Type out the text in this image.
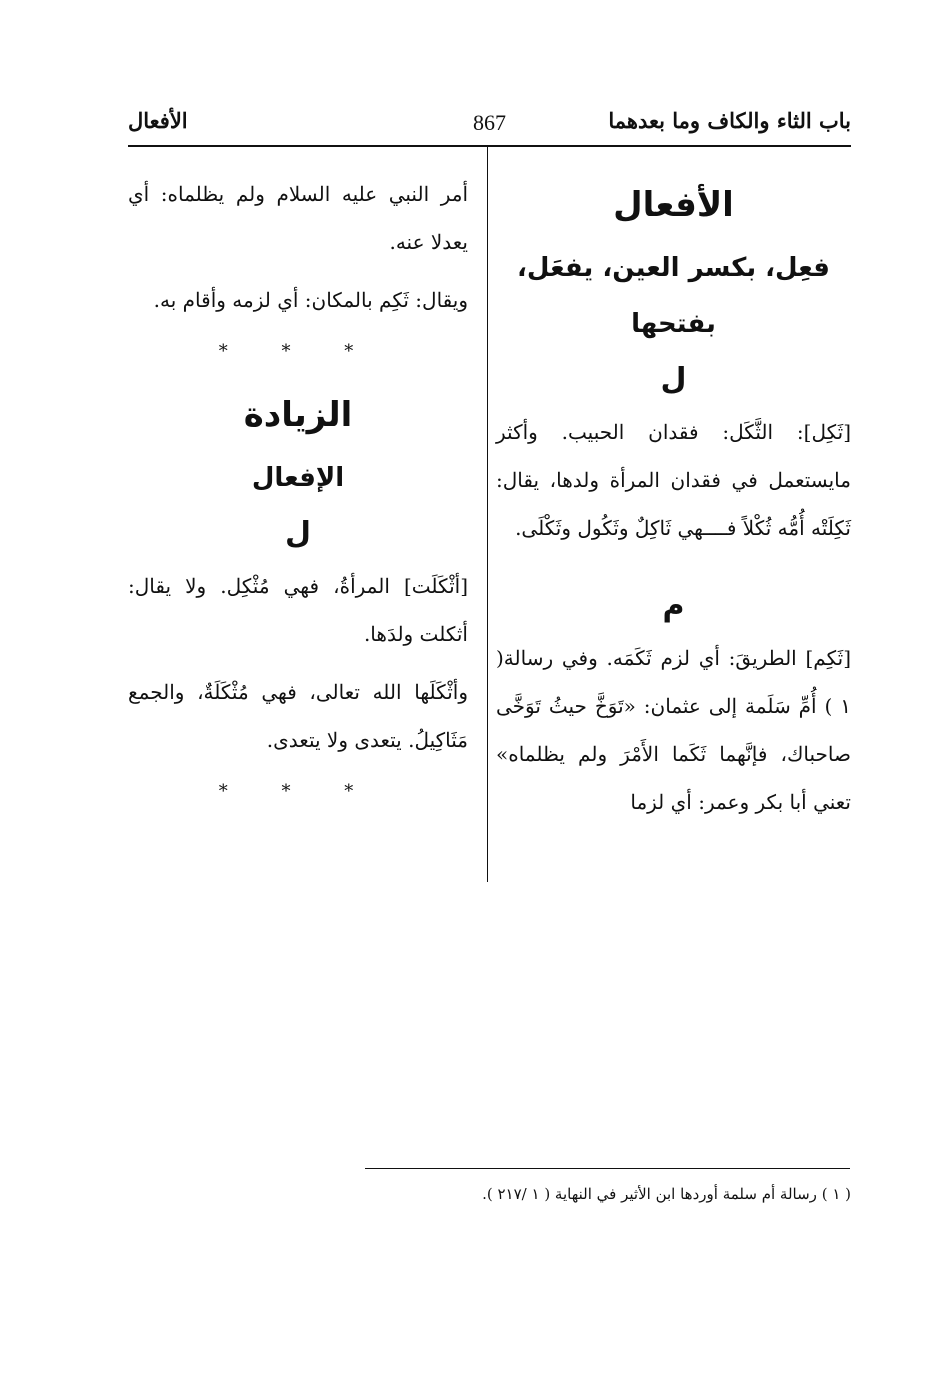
باب الثاء والكاف وما بعدهما
867
الأفعال
الأفعال
فعِل، بكسر العين، يفعَل، بفتحها
ل

[ثَكِل]: الثَّكَل: فقدان الحبيب. وأكثر مايستعمل في فقدان المرأة ولدها، يقال: ثَكِلَتْه أُمُّه ثُكْلاً فــــهي ثَاكِلٌ وثَكُول وثَكْلَى.

م

[ثَكِم] الطريقَ: أي لزم ثَكَمَه. وفي رسالة( ١ ) أُمِّ سَلَمة إلى عثمان: «تَوَخَّ حيثُ تَوَخَّى صاحباك، فإنَّهما ثَكَما الأَمْرَ ولم يظلماه» تعني أبا بكر وعمر: أي لزما

أمر النبي عليه السلام ولم يظلماه: أي يعدلا عنه.

ويقال: ثَكِم بالمكان: أي لزمه وأقام به.

* * *
الزيادة
الإفعال
ل

[أثْكَلَت] المرأةُ، فهي مُثْكِل. ولا يقال: أثكلت ولدَها.

وأثْكَلَها الله تعالى، فهي مُثْكَلَةٌ، والجمع مَثَاكِيلُ. يتعدى ولا يتعدى.

* * *
( ١ ) رسالة أم سلمة أوردها ابن الأثير في النهاية ( ١ /٢١٧ ).
